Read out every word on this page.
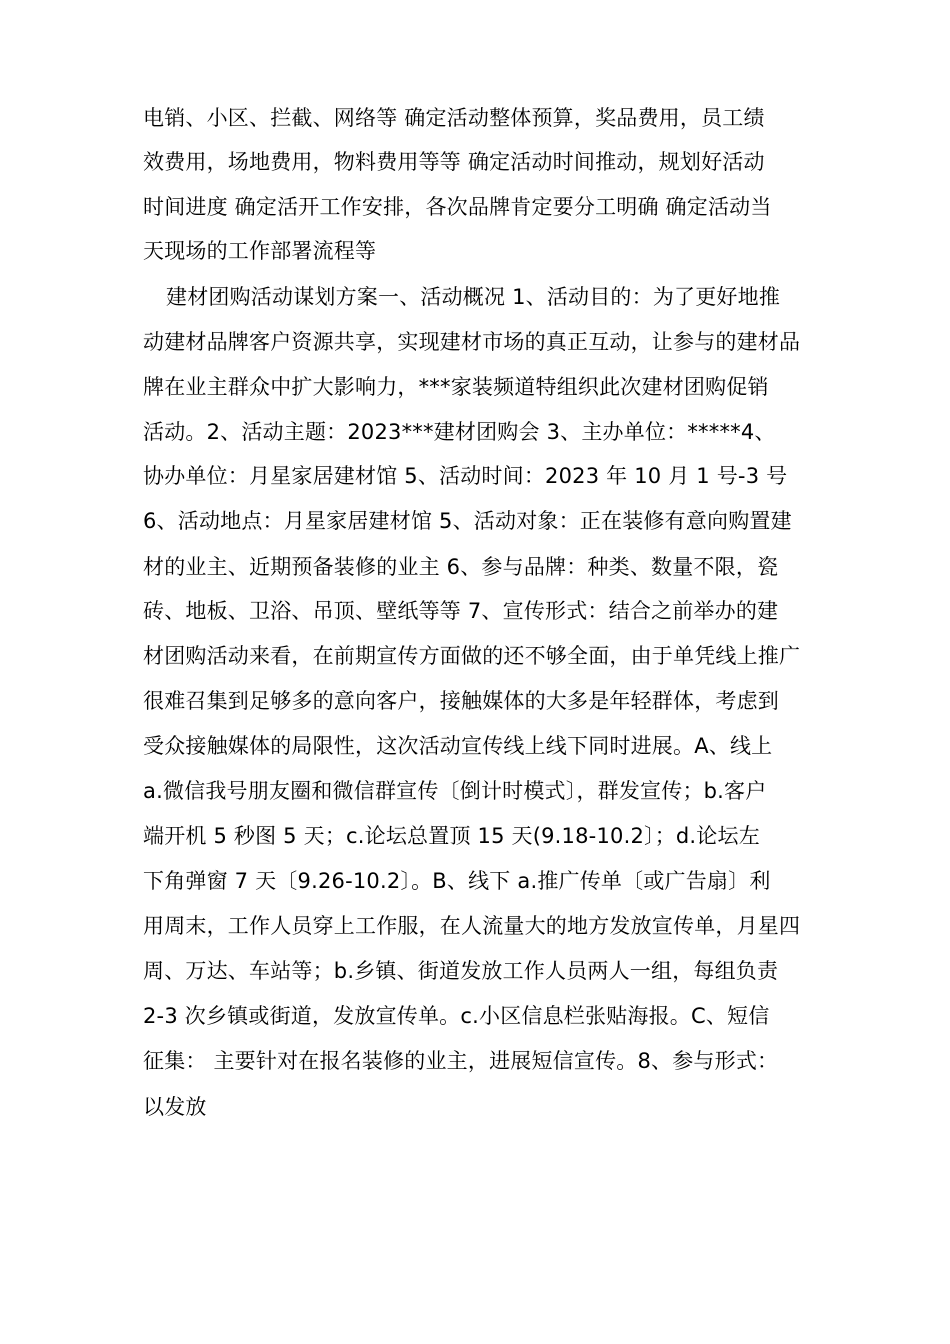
电销、小区、拦截、网络等 确定活动整体预算，奖品费用，员工绩
效费用，场地费用，物料费用等等 确定活动时间推动，规划好活动
时间进度 确定活开工作安排，各次品牌肯定要分工明确 确定活动当
天现场的工作部署流程等
建材团购活动谋划方案一、活动概况 1、活动目的：为了更好地推
动建材品牌客户资源共享，实现建材市场的真正互动，让参与的建材品
牌在业主群众中扩大影响力，***家装频道特组织此次建材团购促销
活动。2、活动主题：2023***建材团购会 3、主办单位：*****4、
协办单位：月星家居建材馆 5、活动时间：2023 年 10 月 1 号-3 号
6、活动地点：月星家居建材馆 5、活动对象：正在装修有意向购置建
材的业主、近期预备装修的业主 6、参与品牌：种类、数量不限，瓷
砖、地板、卫浴、吊顶、壁纸等等 7、宣传形式：结合之前举办的建
材团购活动来看，在前期宣传方面做的还不够全面，由于单凭线上推广
很难召集到足够多的意向客户，接触媒体的大多是年轻群体，考虑到
受众接触媒体的局限性，这次活动宣传线上线下同时进展。A、线上
a.微信我号朋友圈和微信群宣传〔倒计时模式〕，群发宣传；b.客户
端开机 5 秒图 5 天；c.论坛总置顶 15 天(9.18-10.2〕；d.论坛左
下角弹窗 7 天〔9.26-10.2〕。B、线下 a.推广传单〔或广告扇〕利
用周末，工作人员穿上工作服，在人流量大的地方发放宣传单，月星四
周、万达、车站等；b.乡镇、街道发放工作人员两人一组，每组负责
2-3 次乡镇或街道，发放宣传单。c.小区信息栏张贴海报。C、短信
征集： 主要针对在报名装修的业主，进展短信宣传。8、参与形式：
以发放
